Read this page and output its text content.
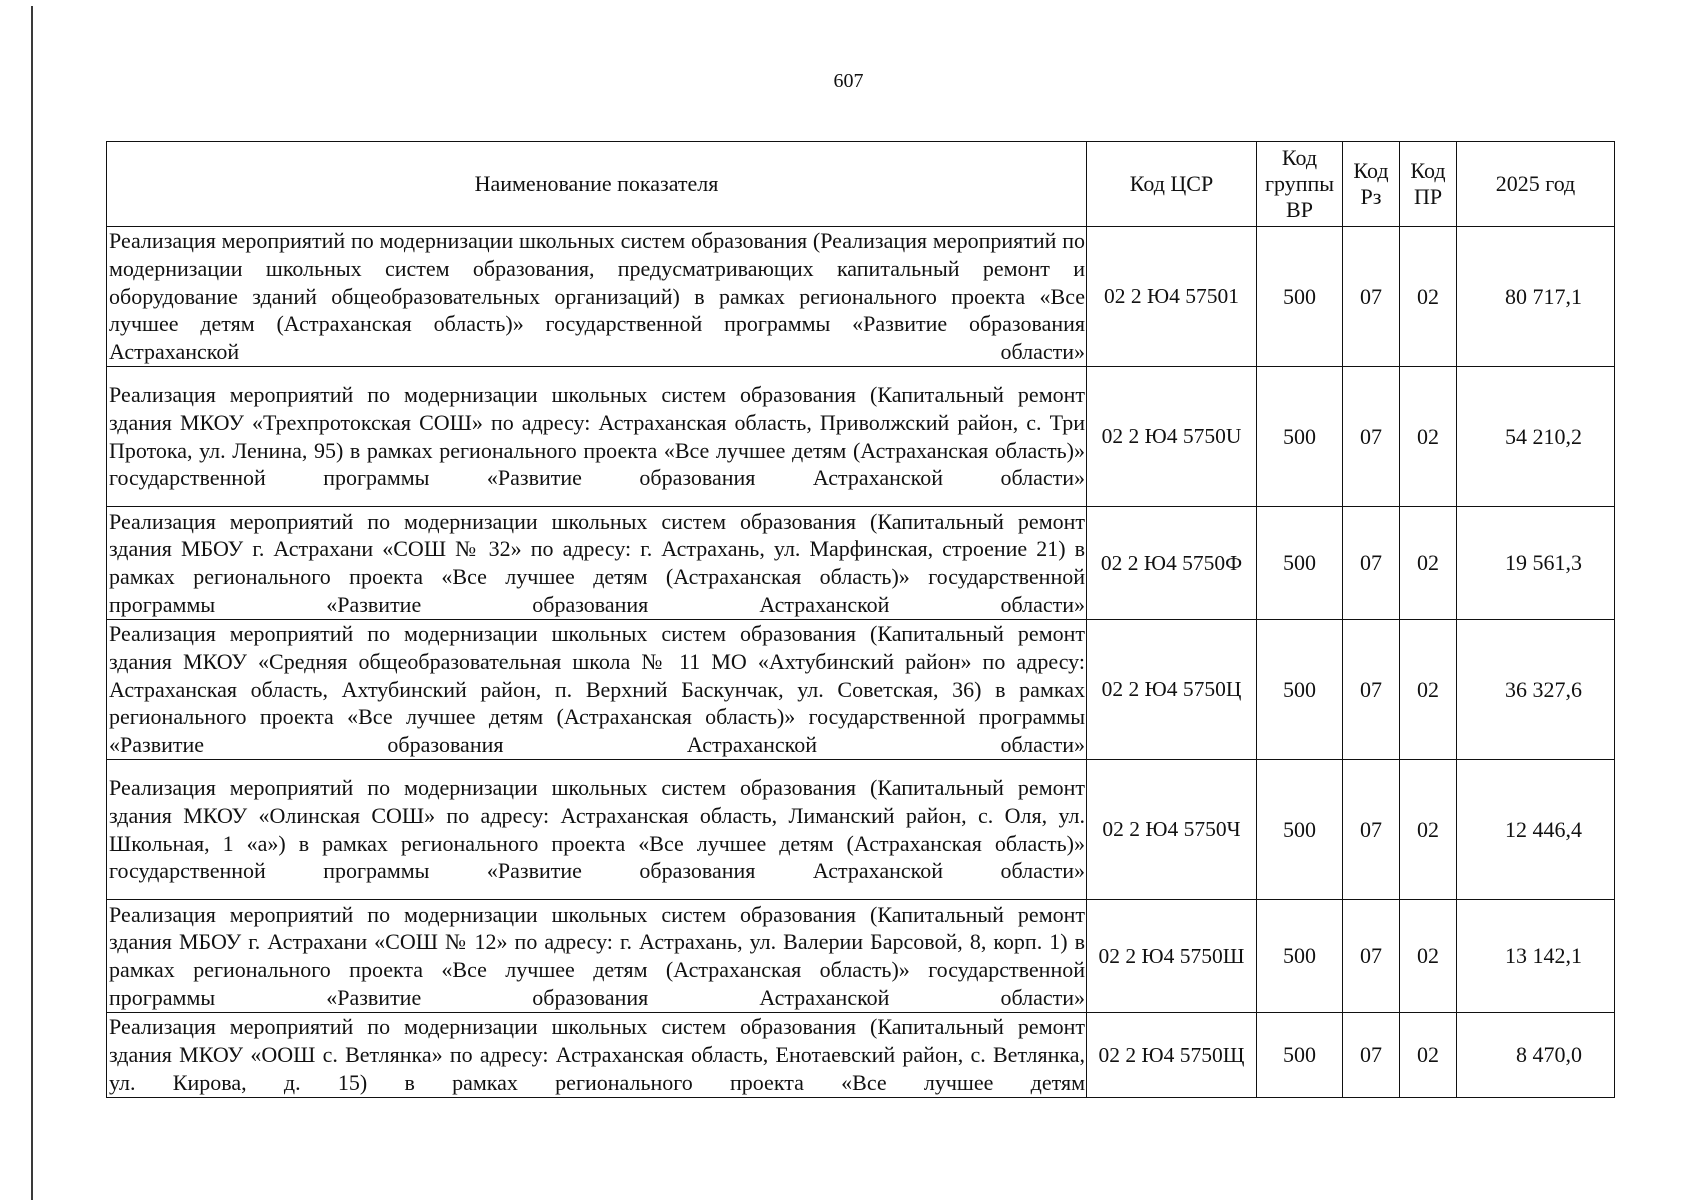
607
Наименование показателя	Код ЦСР	Код группы ВР	Код Рз	Код ПР	2025 год
Реализация мероприятий по модернизации школьных систем образования (Реализация мероприятий по модернизации школьных систем образования, предусматривающих капитальный ремонт и оборудование зданий общеобразовательных организаций) в рамках регионального проекта «Все лучшее детям (Астраханская область)» государственной программы «Развитие образования Астраханской области»	02 2 Ю4 57501	500	07	02	80 717,1
Реализация мероприятий по модернизации школьных систем образования (Капитальный ремонт здания МКОУ «Трехпротокская СОШ» по адресу: Астраханская область, Приволжский район, с. Три Протока, ул. Ленина, 95) в рамках регионального проекта «Все лучшее детям (Астраханская область)» государственной программы «Развитие образования Астраханской области»	02 2 Ю4 5750U	500	07	02	54 210,2
Реализация мероприятий по модернизации школьных систем образования (Капитальный ремонт здания МБОУ г. Астрахани «СОШ № 32» по адресу: г. Астрахань, ул. Марфинская, строение 21) в рамках регионального проекта «Все лучшее детям (Астраханская область)» государственной программы «Развитие образования Астраханской области»	02 2 Ю4 5750Ф	500	07	02	19 561,3
Реализация мероприятий по модернизации школьных систем образования (Капитальный ремонт здания МКОУ «Средняя общеобразовательная школа № 11 МО «Ахтубинский район» по адресу: Астраханская область, Ахтубинский район, п. Верхний Баскунчак, ул. Советская, 36) в рамках регионального проекта «Все лучшее детям (Астраханская область)» государственной программы «Развитие образования Астраханской области»	02 2 Ю4 5750Ц	500	07	02	36 327,6
Реализация мероприятий по модернизации школьных систем образования (Капитальный ремонт здания МКОУ «Олинская СОШ» по адресу: Астраханская область, Лиманский район, с. Оля, ул. Школьная, 1 «а») в рамках регионального проекта «Все лучшее детям (Астраханская область)» государственной программы «Развитие образования Астраханской области»	02 2 Ю4 5750Ч	500	07	02	12 446,4
Реализация мероприятий по модернизации школьных систем образования (Капитальный ремонт здания МБОУ г. Астрахани «СОШ № 12» по адресу: г. Астрахань, ул. Валерии Барсовой, 8, корп. 1) в рамках регионального проекта «Все лучшее детям (Астраханская область)» государственной программы «Развитие образования Астраханской области»	02 2 Ю4 5750Ш	500	07	02	13 142,1
Реализация мероприятий по модернизации школьных систем образования (Капитальный ремонт здания МКОУ «ООШ с. Ветлянка» по адресу: Астраханская область, Енотаевский район, с. Ветлянка, ул. Кирова, д. 15) в рамках регионального проекта «Все лучшее детям	02 2 Ю4 5750Щ	500	07	02	8 470,0
